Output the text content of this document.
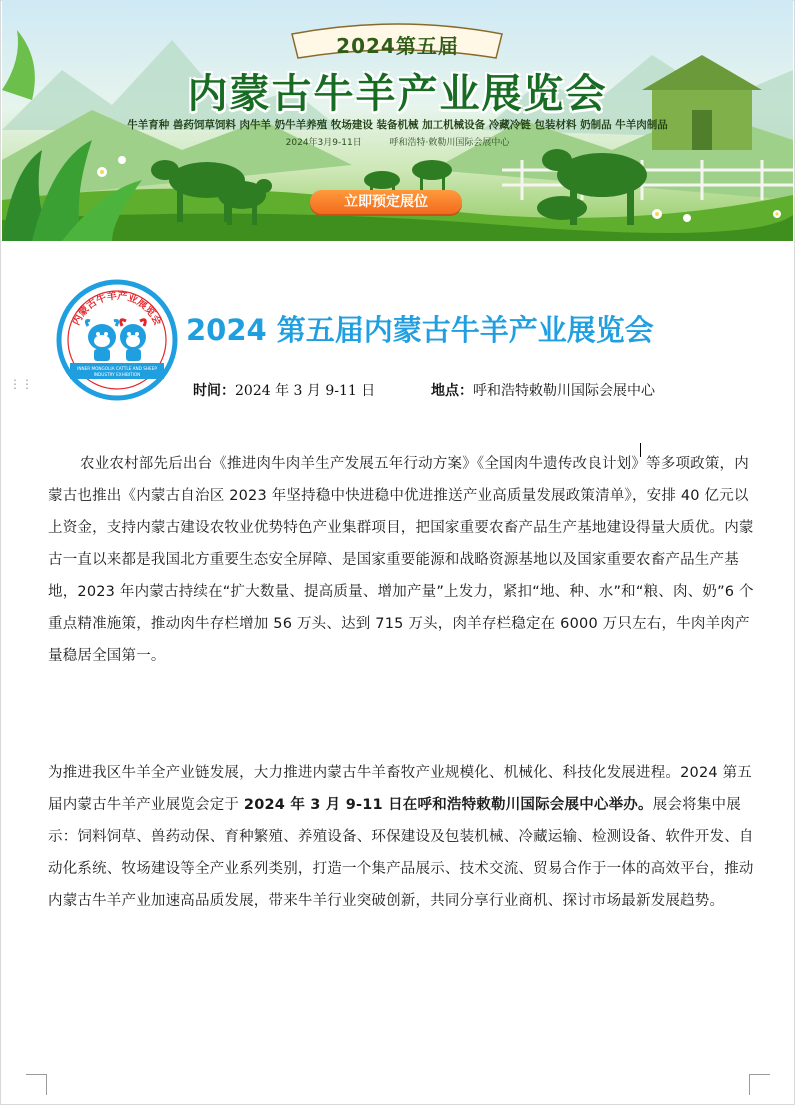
2024第五届
内蒙古牛羊产业展览会
牛羊育种 兽药饲草饲料 肉牛羊 奶牛羊养殖 牧场建设 装备机械 加工机械设备 冷藏冷链 包装材料 奶制品 牛羊肉制品
2024年3月9-11日	呼和浩特·敕勒川国际会展中心
立即预定展位
内蒙古牛羊产业展览会
INNER MONGOLIA CATTLE AND SHEEP
INDUSTRY EXHIBITION
2024 第五届内蒙古牛羊产业展览会
⋮⋮	时间：2024 年 3 月 9-11 日	地点：呼和浩特敕勒川国际会展中心

农业农村部先后出台《推进肉牛肉羊生产发展五年行动方案》《全国肉牛遗传改良计划》等多项政策，内蒙古也推出《内蒙古自治区 2023 年坚持稳中快进稳中优进推送产业高质量发展政策清单》，安排 40 亿元以上资金，支持内蒙古建设农牧业优势特色产业集群项目，把国家重要农畜产品生产基地建设得量大质优。内蒙古一直以来都是我国北方重要生态安全屏障、是国家重要能源和战略资源基地以及国家重要农畜产品生产基地，2023 年内蒙古持续在“扩大数量、提高质量、增加产量”上发力，紧扣“地、种、水”和“粮、肉、奶”6 个重点精准施策，推动肉牛存栏增加 56 万头、达到 715 万头，肉羊存栏稳定在 6000 万只左右，牛肉羊肉产量稳居全国第一。

为推进我区牛羊全产业链发展，大力推进内蒙古牛羊畜牧产业规模化、机械化、科技化发展进程。2024 第五届内蒙古牛羊产业展览会定于 2024 年 3 月 9-11 日在呼和浩特敕勒川国际会展中心举办。展会将集中展示：饲料饲草、兽药动保、育种繁殖、养殖设备、环保建设及包装机械、冷藏运输、检测设备、软件开发、自动化系统、牧场建设等全产业系列类别，打造一个集产品展示、技术交流、贸易合作于一体的高效平台，推动内蒙古牛羊产业加速高品质发展，带来牛羊行业突破创新，共同分享行业商机、探讨市场最新发展趋势。
